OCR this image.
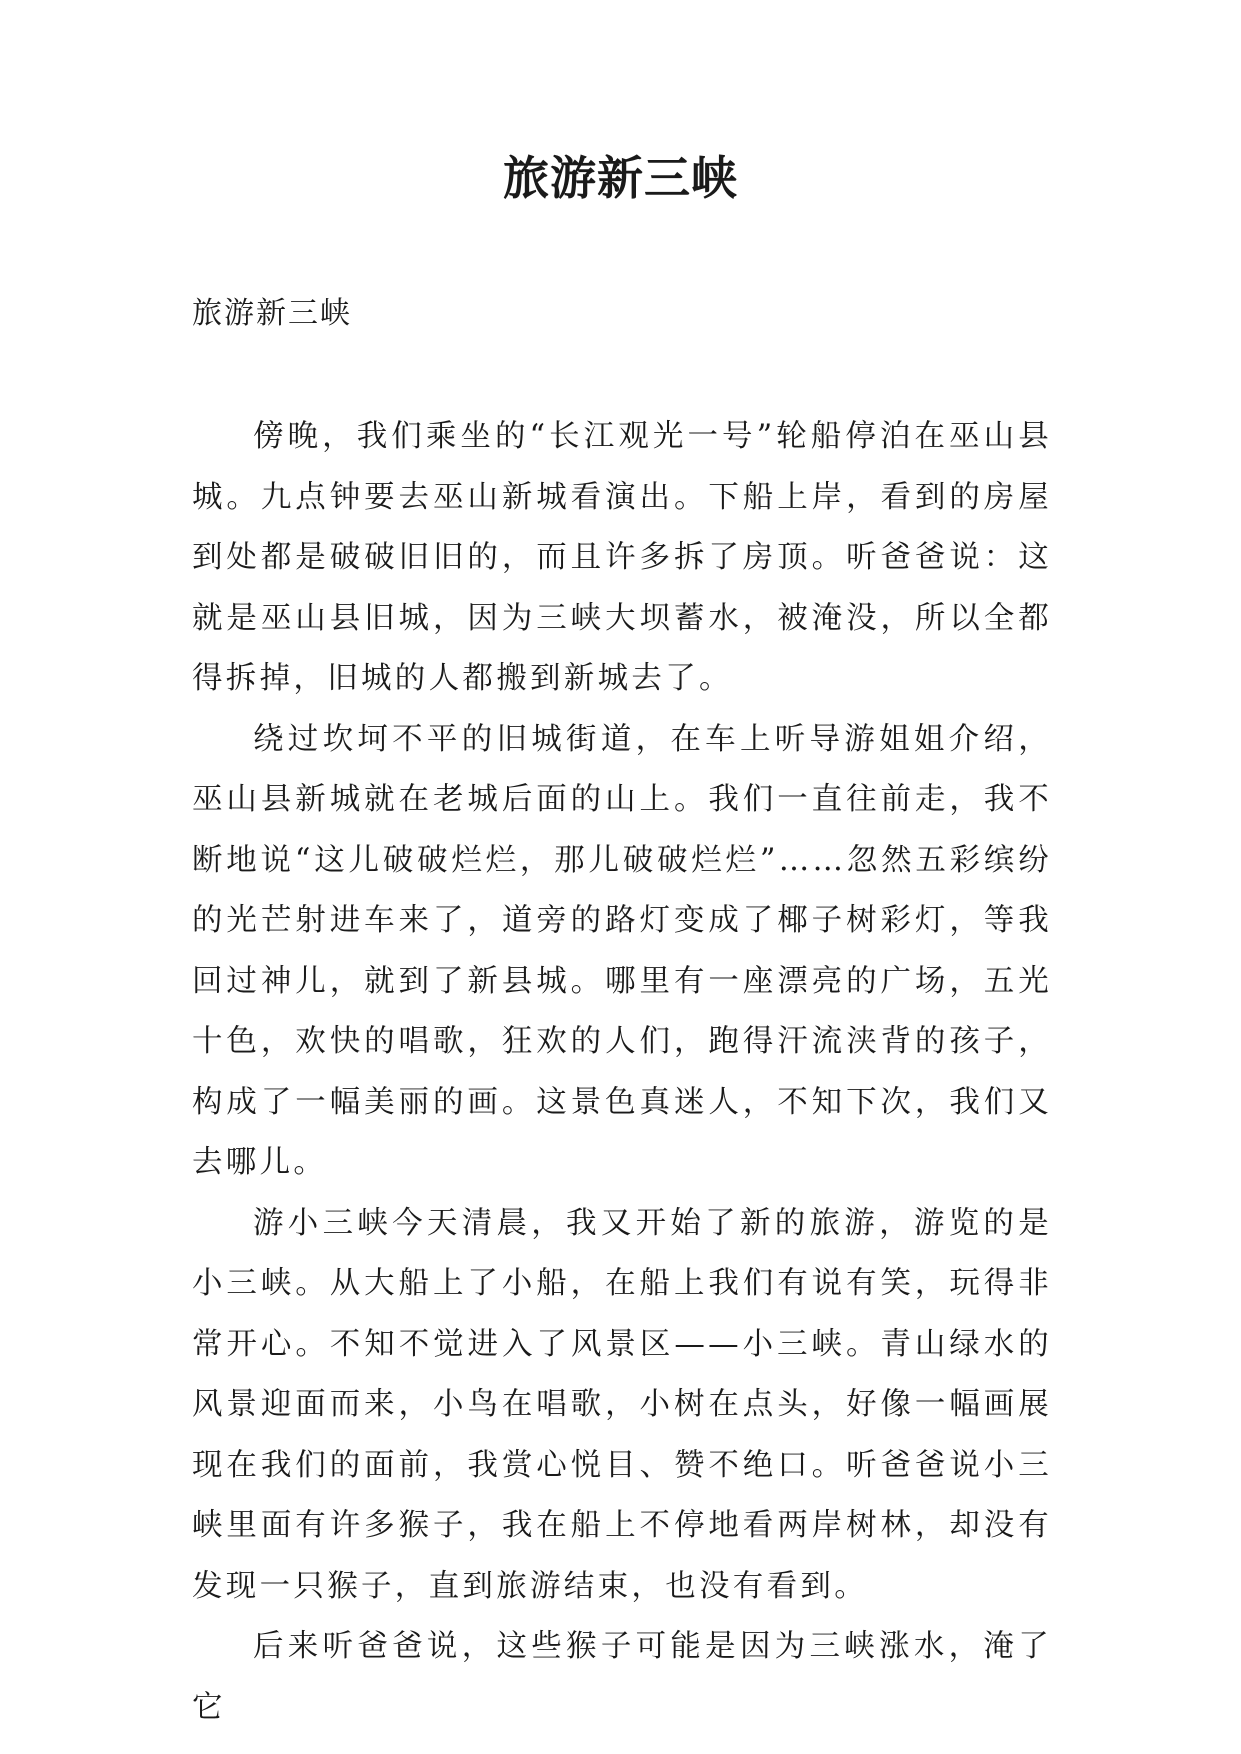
旅游新三峡
旅游新三峡

傍晚，我们乘坐的“长江观光一号”轮船停泊在巫山县城。九点钟要去巫山新城看演出。下船上岸，看到的房屋到处都是破破旧旧的，而且许多拆了房顶。听爸爸说：这就是巫山县旧城，因为三峡大坝蓄水，被淹没，所以全都得拆掉，旧城的人都搬到新城去了。

绕过坎坷不平的旧城街道，在车上听导游姐姐介绍，巫山县新城就在老城后面的山上。我们一直往前走，我不断地说“这儿破破烂烂，那儿破破烂烂”……忽然五彩缤纷的光芒射进车来了，道旁的路灯变成了椰子树彩灯，等我回过神儿，就到了新县城。哪里有一座漂亮的广场，五光十色，欢快的唱歌，狂欢的人们，跑得汗流浃背的孩子，构成了一幅美丽的画。这景色真迷人，不知下次，我们又去哪儿。

游小三峡今天清晨，我又开始了新的旅游，游览的是小三峡。从大船上了小船，在船上我们有说有笑，玩得非常开心。不知不觉进入了风景区——小三峡。青山绿水的风景迎面而来，小鸟在唱歌，小树在点头，好像一幅画展现在我们的面前，我赏心悦目、赞不绝口。听爸爸说小三峡里面有许多猴子，我在船上不停地看两岸树林，却没有发现一只猴子，直到旅游结束，也没有看到。

后来听爸爸说，这些猴子可能是因为三峡涨水，淹了它
